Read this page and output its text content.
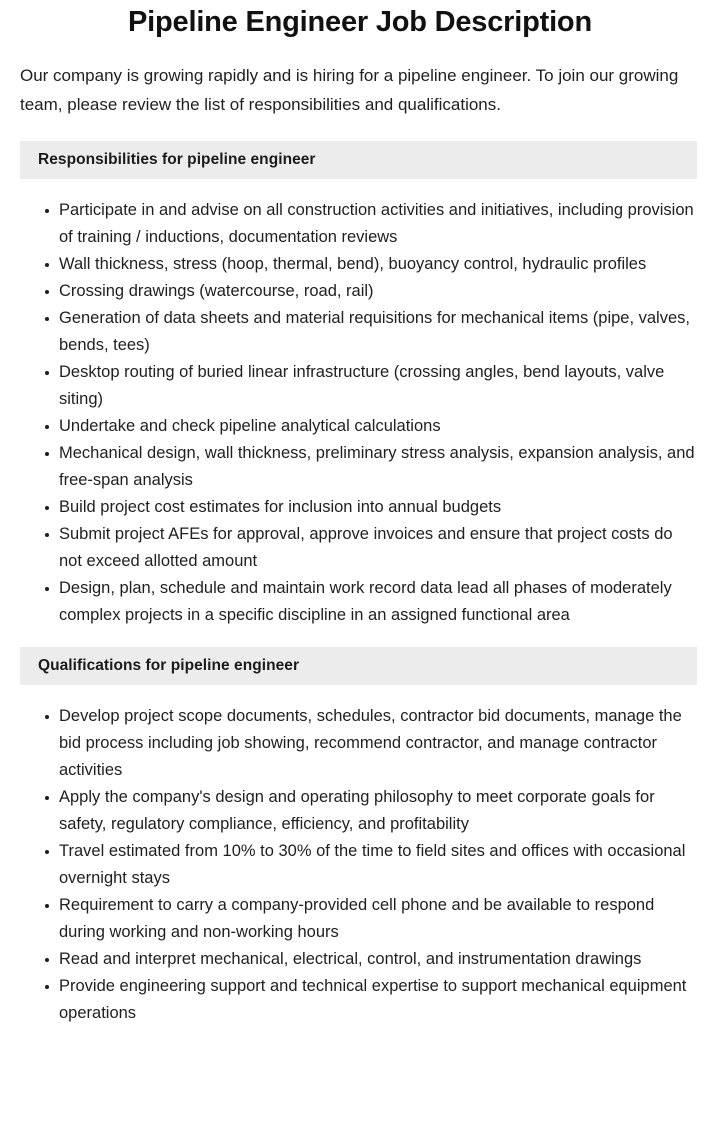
Pipeline Engineer Job Description

Our company is growing rapidly and is hiring for a pipeline engineer. To join our growing team, please review the list of responsibilities and qualifications.

Responsibilities for pipeline engineer
Participate in and advise on all construction activities and initiatives, including provision of training / inductions, documentation reviews
Wall thickness, stress (hoop, thermal, bend), buoyancy control, hydraulic profiles
Crossing drawings (watercourse, road, rail)
Generation of data sheets and material requisitions for mechanical items (pipe, valves, bends, tees)
Desktop routing of buried linear infrastructure (crossing angles, bend layouts, valve siting)
Undertake and check pipeline analytical calculations
Mechanical design, wall thickness, preliminary stress analysis, expansion analysis, and free-span analysis
Build project cost estimates for inclusion into annual budgets
Submit project AFEs for approval, approve invoices and ensure that project costs do not exceed allotted amount
Design, plan, schedule and maintain work record data lead all phases of moderately complex projects in a specific discipline in an assigned functional area
Qualifications for pipeline engineer
Develop project scope documents, schedules, contractor bid documents, manage the bid process including job showing, recommend contractor, and manage contractor activities
Apply the company's design and operating philosophy to meet corporate goals for safety, regulatory compliance, efficiency, and profitability
Travel estimated from 10% to 30% of the time to field sites and offices with occasional overnight stays
Requirement to carry a company-provided cell phone and be available to respond during working and non-working hours
Read and interpret mechanical, electrical, control, and instrumentation drawings
Provide engineering support and technical expertise to support mechanical equipment operations
